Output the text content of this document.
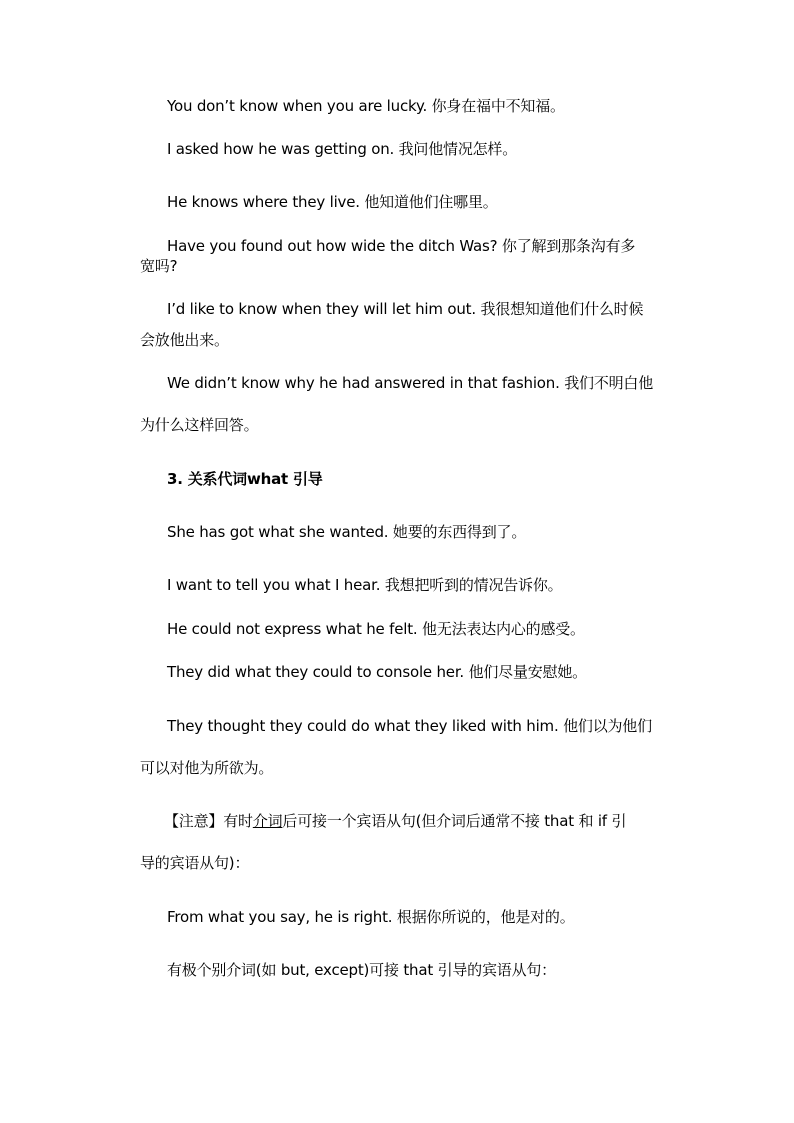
You don’t know when you are lucky. 你身在福中不知福。
I asked how he was getting on. 我问他情况怎样。
He knows where they live. 他知道他们住哪里。
Have you found out how wide the ditch Was? 你了解到那条沟有多
宽吗?
I’d like to know when they will let him out. 我很想知道他们什么时候
会放他出来。
We didn’t know why he had answered in that fashion. 我们不明白他
为什么这样回答。
3. 关系代词what 引导
She has got what she wanted. 她要的东西得到了。
I want to tell you what I hear. 我想把听到的情况告诉你。
He could not express what he felt. 他无法表达内心的感受。
They did what they could to console her. 他们尽量安慰她。
They thought they could do what they liked with him. 他们以为他们
可以对他为所欲为。
【注意】有时介词后可接一个宾语从句(但介词后通常不接 that 和 if 引
导的宾语从句)：
From what you say, he is right. 根据你所说的，他是对的。
有极个别介词(如 but, except)可接 that 引导的宾语从句：
